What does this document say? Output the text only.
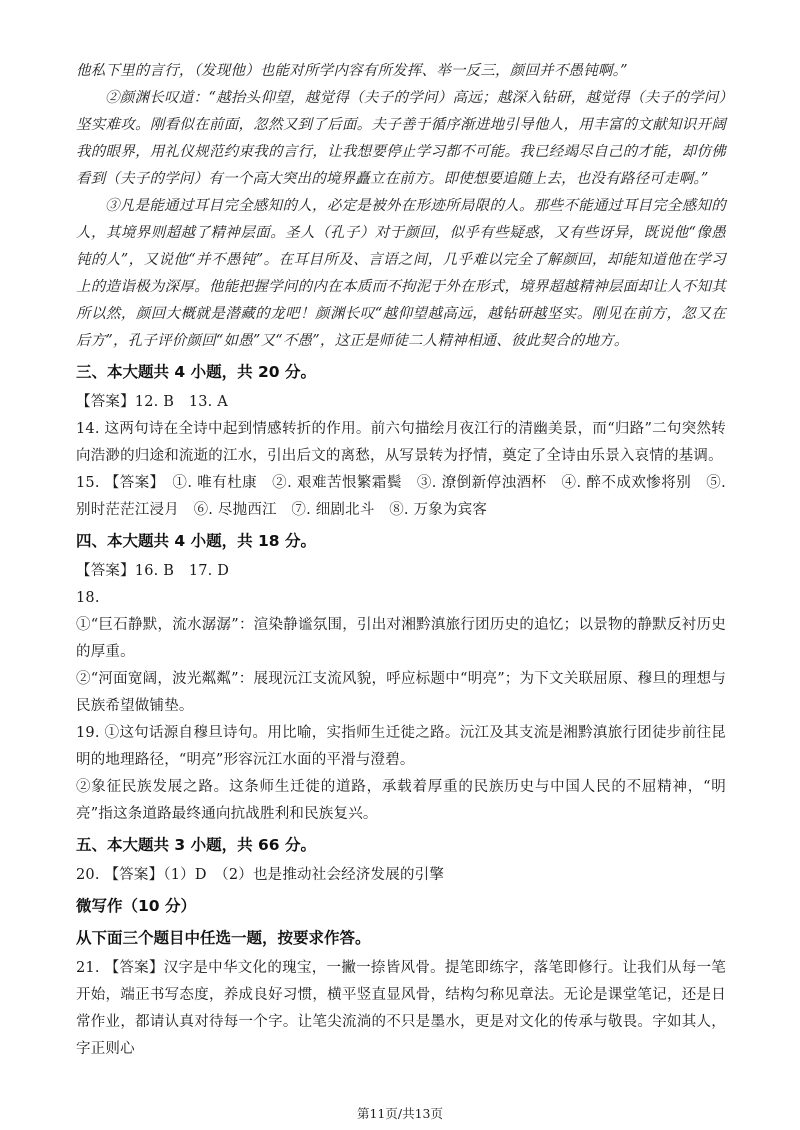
他私下里的言行，（发现他）也能对所学内容有所发挥、举一反三，颜回并不愚钝啊。”

②颜渊长叹道：“越抬头仰望，越觉得（夫子的学问）高远；越深入钻研，越觉得（夫子的学问）坚实难攻。刚看似在前面，忽然又到了后面。夫子善于循序渐进地引导他人，用丰富的文献知识开阔我的眼界，用礼仪规范约束我的言行，让我想要停止学习都不可能。我已经竭尽自己的才能，却仿佛看到（夫子的学问）有一个高大突出的境界矗立在前方。即使想要追随上去，也没有路径可走啊。”

③凡是能通过耳目完全感知的人，必定是被外在形迹所局限的人。那些不能通过耳目完全感知的人，其境界则超越了精神层面。圣人（孔子）对于颜回，似乎有些疑惑，又有些讶异，既说他“像愚钝的人”，又说他“并不愚钝”。在耳目所及、言语之间，几乎难以完全了解颜回，却能知道他在学习上的造诣极为深厚。他能把握学问的内在本质而不拘泥于外在形式，境界超越精神层面却让人不知其所以然，颜回大概就是潜藏的龙吧！颜渊长叹“越仰望越高远，越钻研越坚实。刚见在前方，忽又在后方”，孔子评价颜回“如愚”又“不愚”，这正是师徒二人精神相通、彼此契合的地方。

三、本大题共 4 小题，共 20 分。

【答案】12. B　13. A

14. 这两句诗在全诗中起到情感转折的作用。前六句描绘月夜江行的清幽美景，而“归路”二句突然转向浩渺的归途和流逝的江水，引出后文的离愁，从写景转为抒情，奠定了全诗由乐景入哀情的基调。

15. 【答案】　①. 唯有杜康　②. 艰难苦恨繁霜鬓　③. 潦倒新停浊酒杯　④. 醉不成欢惨将别　⑤. 别时茫茫江浸月　⑥. 尽抛西江　⑦. 细剧北斗　⑧. 万象为宾客

四、本大题共 4 小题，共 18 分。

【答案】16. B　17. D

18.

①“巨石静默，流水潺潺”：渲染静谧氛围，引出对湘黔滇旅行团历史的追忆；以景物的静默反衬历史的厚重。

②“河面宽阔，波光粼粼”：展现沅江支流风貌，呼应标题中“明亮”；为下文关联屈原、穆旦的理想与民族希望做铺垫。

19. ①这句话源自穆旦诗句。用比喻，实指师生迁徙之路。沅江及其支流是湘黔滇旅行团徒步前往昆明的地理路径，“明亮”形容沅江水面的平滑与澄碧。

②象征民族发展之路。这条师生迁徙的道路，承载着厚重的民族历史与中国人民的不屈精神，“明亮”指这条道路最终通向抗战胜利和民族复兴。

五、本大题共 3 小题，共 66 分。

20. 【答案】（1）D　（2）也是推动社会经济发展的引擎

微写作（10 分）
从下面三个题目中任选一题，按要求作答。

21. 【答案】汉字是中华文化的瑰宝，一撇一捺皆风骨。提笔即练字，落笔即修行。让我们从每一笔开始，端正书写态度，养成良好习惯，横平竖直显风骨，结构匀称见章法。无论是课堂笔记，还是日常作业，都请认真对待每一个字。让笔尖流淌的不只是墨水，更是对文化的传承与敬畏。字如其人，字正则心

第11页/共13页
